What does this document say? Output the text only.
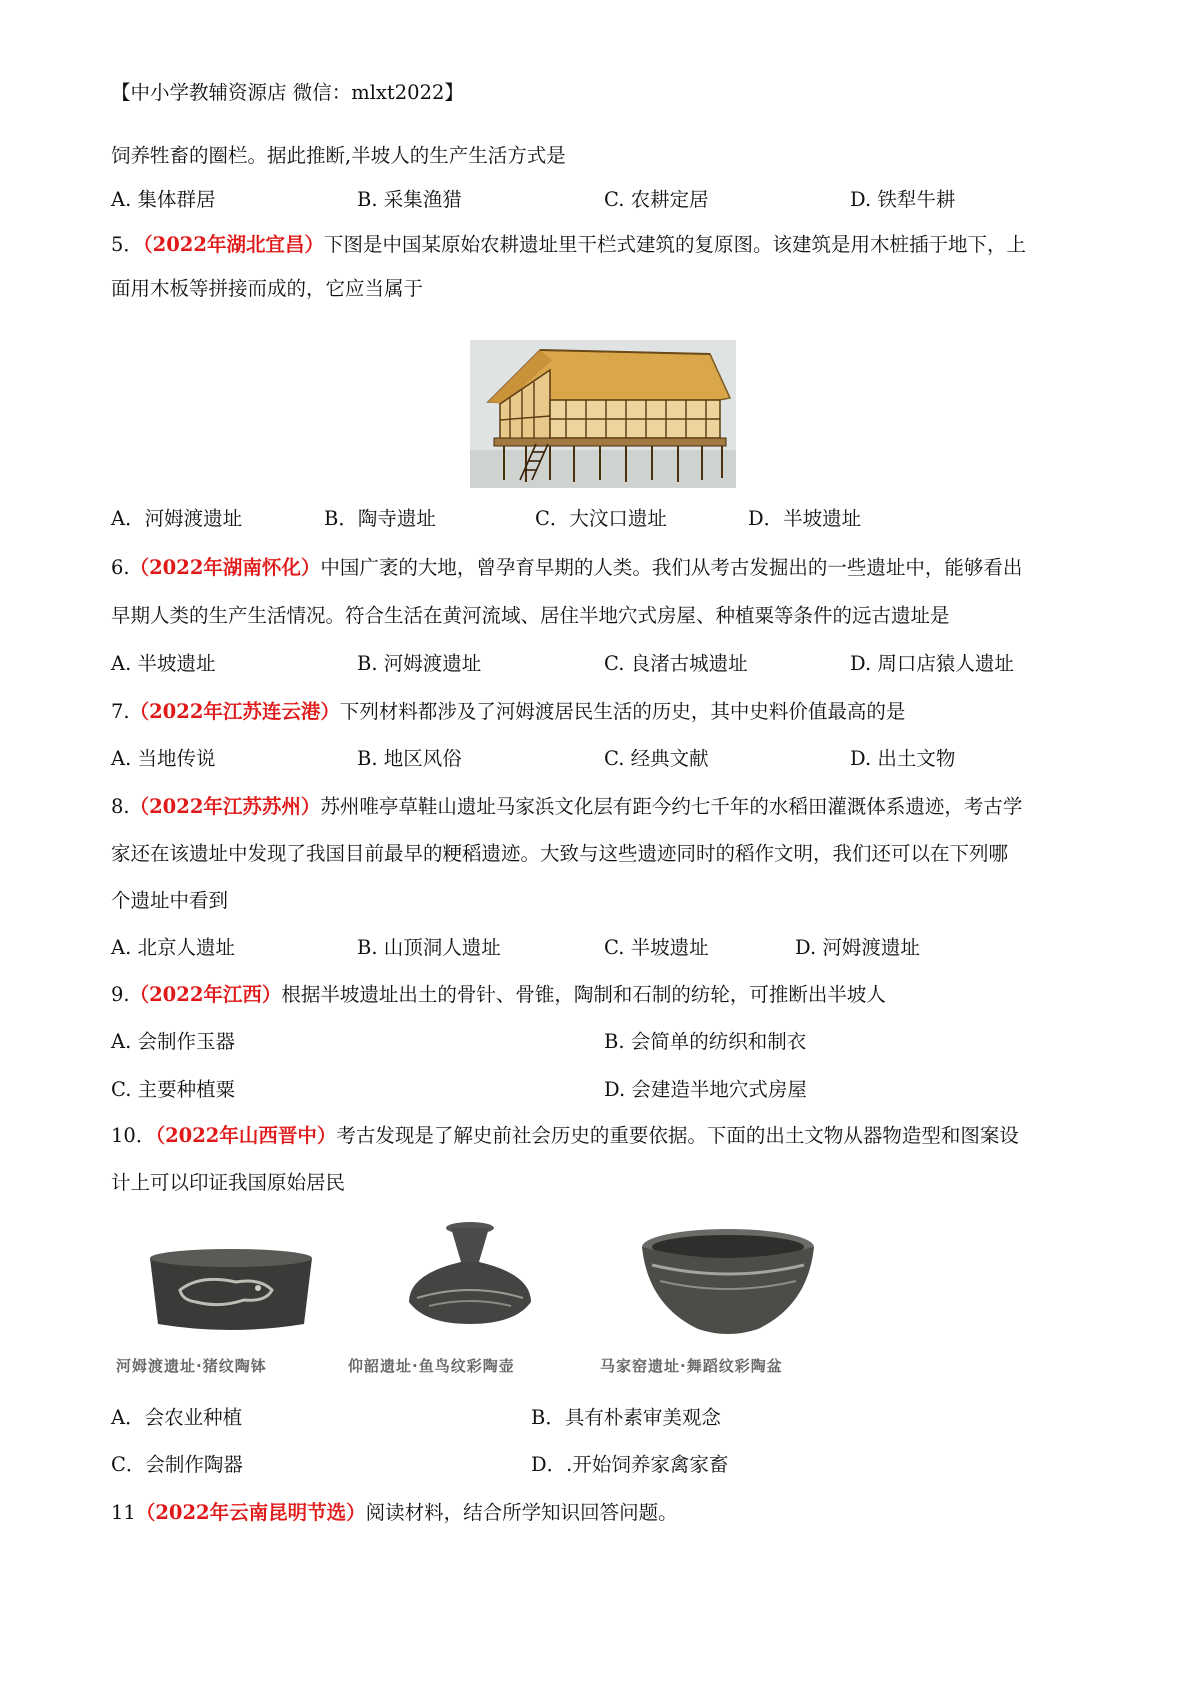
【中小学教辅资源店 微信：mlxt2022】
饲养牲畜的圈栏。据此推断,半坡人的生产生活方式是
A. 集体群居	B. 采集渔猎	C. 农耕定居	D. 铁犁牛耕
5．（2022年湖北宜昌）下图是中国某原始农耕遗址里干栏式建筑的复原图。该建筑是用木桩插于地下，上
面用木板等拼接而成的，它应当属于
A．河姆渡遗址	B．陶寺遗址	C．大汶口遗址	D．半坡遗址
6.（2022年湖南怀化）中国广袤的大地，曾孕育早期的人类。我们从考古发掘出的一些遗址中，能够看出
早期人类的生产生活情况。符合生活在黄河流域、居住半地穴式房屋、种植粟等条件的远古遗址是
A. 半坡遗址	B. 河姆渡遗址	C. 良渚古城遗址	D. 周口店猿人遗址
7.（2022年江苏连云港）下列材料都涉及了河姆渡居民生活的历史，其中史料价值最高的是
A. 当地传说	B. 地区风俗	C. 经典文献	D. 出土文物
8.（2022年江苏苏州）苏州唯亭草鞋山遗址马家浜文化层有距今约七千年的水稻田灌溉体系遗迹，考古学
家还在该遗址中发现了我国目前最早的粳稻遗迹。大致与这些遗迹同时的稻作文明，我们还可以在下列哪
个遗址中看到
A. 北京人遗址	B. 山顶洞人遗址	C. 半坡遗址	D. 河姆渡遗址
9.（2022年江西）根据半坡遗址出土的骨针、骨锥，陶制和石制的纺轮，可推断出半坡人
A. 会制作玉器	B. 会简单的纺织和制衣
C. 主要种植粟	D. 会建造半地穴式房屋
10．（2022年山西晋中）考古发现是了解史前社会历史的重要依据。下面的出土文物从器物造型和图案设
计上可以印证我国原始居民
河姆渡遗址·猪纹陶钵	仰韶遗址·鱼鸟纹彩陶壶	马家窑遗址·舞蹈纹彩陶盆
A．会农业种植	B．具有朴素审美观念
C．会制作陶器	D．.开始饲养家禽家畜
11（2022年云南昆明节选）阅读材料，结合所学知识回答问题。
